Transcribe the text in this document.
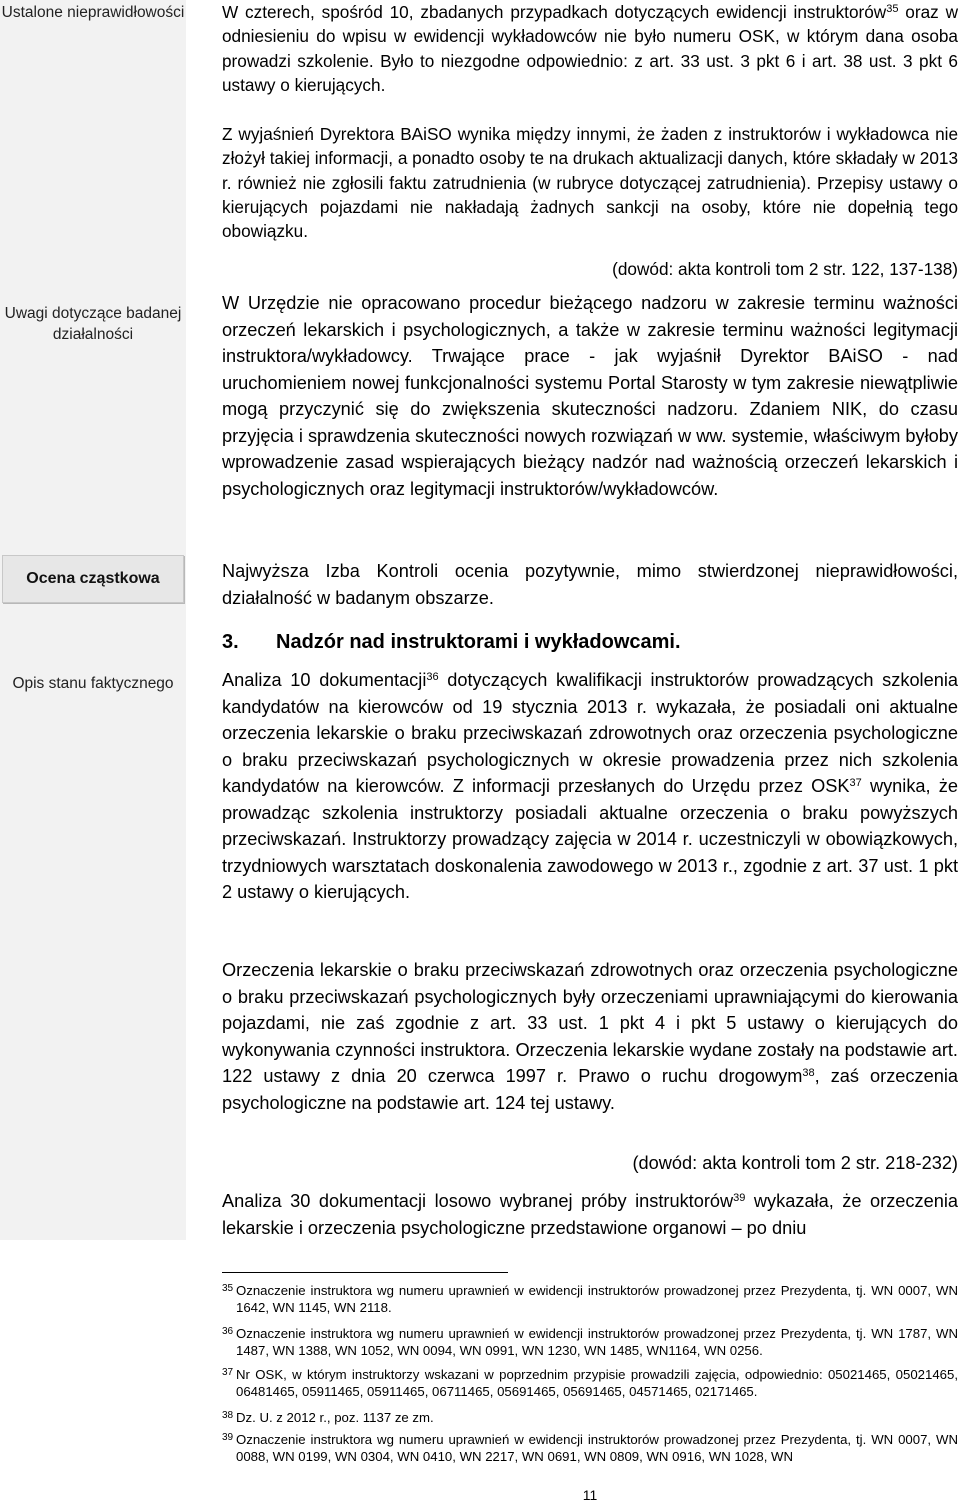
Ustalone nieprawidłowości
Uwagi dotyczące badanej działalności
Ocena cząstkowa
Opis stanu faktycznego

W czterech, spośród 10, zbadanych przypadkach dotyczących ewidencji instruktorów$^{35}$ oraz w odniesieniu do wpisu w ewidencji wykładowców nie było numeru OSK, w którym dana osoba prowadzi szkolenie. Było to niezgodne odpowiednio: z art. 33 ust. 3 pkt 6 i art. 38 ust. 3 pkt 6 ustawy o kierujących.

Z wyjaśnień Dyrektora BAiSO wynika między innymi, że żaden z instruktorów i wykładowca nie złożył takiej informacji, a ponadto osoby te na drukach aktualizacji danych, które składały w 2013 r. również nie zgłosili faktu zatrudnienia (w rubryce dotyczącej zatrudnienia). Przepisy ustawy o kierujących pojazdami nie nakładają żadnych sankcji na osoby, które nie dopełnią tego obowiązku.

(dowód: akta kontroli tom 2 str. 122, 137-138)

W Urzędzie nie opracowano procedur bieżącego nadzoru w zakresie terminu ważności orzeczeń lekarskich i psychologicznych, a także w zakresie terminu ważności legitymacji instruktora/wykładowcy. Trwające prace - jak wyjaśnił Dyrektor BAiSO - nad uruchomieniem nowej funkcjonalności systemu Portal Starosty w tym zakresie niewątpliwie mogą przyczynić się do zwiększenia skuteczności nadzoru. Zdaniem NIK, do czasu przyjęcia i sprawdzenia skuteczności nowych rozwiązań w ww. systemie, właściwym byłoby wprowadzenie zasad wspierających bieżący nadzór nad ważnością orzeczeń lekarskich i psychologicznych oraz legitymacji instruktorów/wykładowców.

Najwyższa Izba Kontroli ocenia pozytywnie, mimo stwierdzonej nieprawidłowości, działalność w badanym obszarze.

3. Nadzór nad instruktorami i wykładowcami.

Analiza 10 dokumentacji$^{36}$ dotyczących kwalifikacji instruktorów prowadzących szkolenia kandydatów na kierowców od 19 stycznia 2013 r. wykazała, że posiadali oni aktualne orzeczenia lekarskie o braku przeciwskazań zdrowotnych oraz orzeczenia psychologiczne o braku przeciwskazań psychologicznych w okresie prowadzenia przez nich szkolenia kandydatów na kierowców. Z informacji przesłanych do Urzędu przez OSK$^{37}$ wynika, że prowadząc szkolenia instruktorzy posiadali aktualne orzeczenia o braku powyższych przeciwskazań. Instruktorzy prowadzący zajęcia w 2014 r. uczestniczyli w obowiązkowych, trzydniowych warsztatach doskonalenia zawodowego w 2013 r., zgodnie z art. 37 ust. 1 pkt 2 ustawy o kierujących.

Orzeczenia lekarskie o braku przeciwskazań zdrowotnych oraz orzeczenia psychologiczne o braku przeciwskazań psychologicznych były orzeczeniami uprawniającymi do kierowania pojazdami, nie zaś zgodnie z art. 33 ust. 1 pkt 4 i pkt 5 ustawy o kierujących do wykonywania czynności instruktora. Orzeczenia lekarskie wydane zostały na podstawie art. 122 ustawy z dnia 20 czerwca 1997 r. Prawo o ruchu drogowym$^{38}$, zaś orzeczenia psychologiczne na podstawie art. 124 tej ustawy.

(dowód: akta kontroli tom 2 str. 218-232)

Analiza 30 dokumentacji losowo wybranej próby instruktorów$^{39}$ wykazała, że orzeczenia lekarskie i orzeczenia psychologiczne przedstawione organowi – po dniu

35 Oznaczenie instruktora wg numeru uprawnień w ewidencji instruktorów prowadzonej przez Prezydenta, tj. WN 0007, WN 1642, WN 1145, WN 2118.
36 Oznaczenie instruktora wg numeru uprawnień w ewidencji instruktorów prowadzonej przez Prezydenta, tj. WN 1787, WN 1487, WN 1388, WN 1052, WN 0094, WN 0991, WN 1230, WN 1485, WN1164, WN 0256.
37 Nr OSK, w którym instruktorzy wskazani w poprzednim przypisie prowadzili zajęcia, odpowiednio: 05021465, 05021465, 06481465, 05911465, 05911465, 06711465, 05691465, 05691465, 04571465, 02171465.
38 Dz. U. z 2012 r., poz. 1137 ze zm.
39 Oznaczenie instruktora wg numeru uprawnień w ewidencji instruktorów prowadzonej przez Prezydenta, tj. WN 0007, WN 0088, WN 0199, WN 0304, WN 0410, WN 2217, WN 0691, WN 0809, WN 0916, WN 1028, WN
11
